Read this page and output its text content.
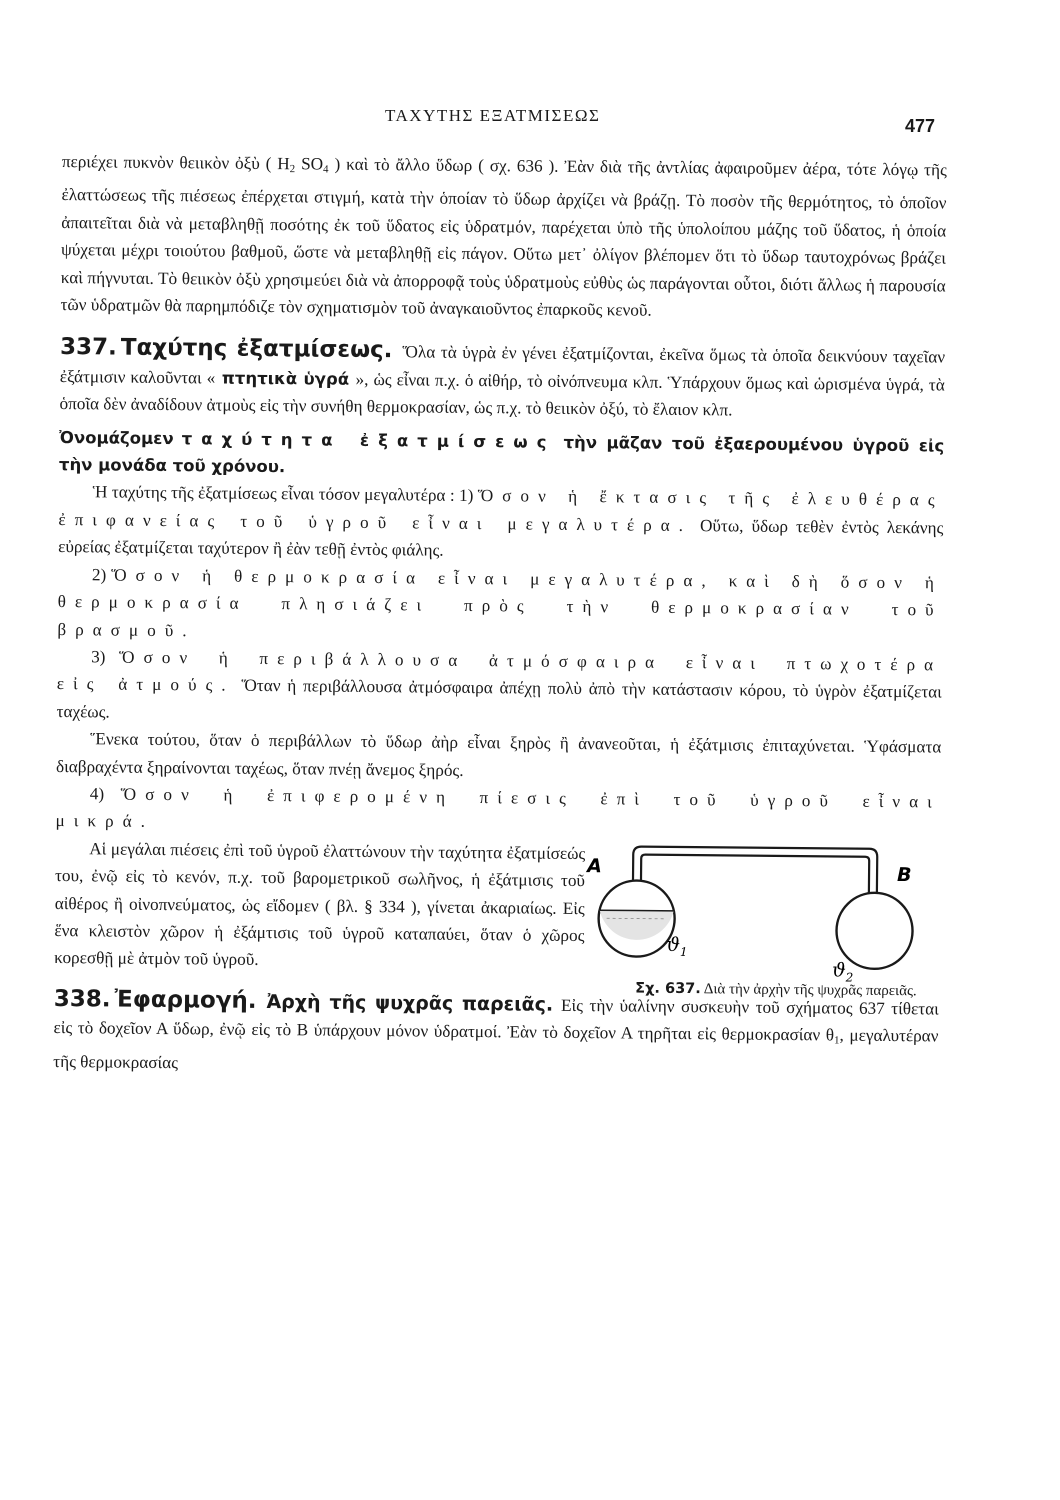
ΤΑΧΥΤΗΣ ΕΞΑΤΜΙΣΕΩΣ
477

περιέχει πυκνὸν θειικὸν ὀξὺ ( $H_2$ $SO_4$ ) καὶ τὸ ἄλλο ὕδωρ ( σχ. 636 ). Ἐὰν διὰ τῆς ἀντλίας ἀφαιροῦμεν ἀέρα, τότε λόγῳ τῆς ἐλαττώσεως τῆς πιέσεως ἐπέρχεται στιγμή, κατὰ τὴν ὁποίαν τὸ ὕδωρ ἀρχίζει νὰ βράζῃ. Τὸ ποσὸν τῆς θερμότητος, τὸ ὁποῖον ἀπαιτεῖται διὰ νὰ μεταβληθῇ ποσότης ἐκ τοῦ ὕδατος εἰς ὑδρατμόν, παρέχεται ὑπὸ τῆς ὑπολοίπου μάζης τοῦ ὕδατος, ἡ ὁποία ψύχεται μέχρι τοιούτου βαθμοῦ, ὥστε νὰ μεταβληθῇ εἰς πάγον. Οὕτω μετ᾿ ὀλίγον βλέπομεν ὅτι τὸ ὕδωρ ταυτοχρόνως βράζει καὶ πήγνυται. Τὸ θειικὸν ὀξὺ χρησιμεύει διὰ νὰ ἀπορροφᾷ τοὺς ὑδρατμοὺς εὐθὺς ὡς παράγονται οὗτοι, διότι ἄλλως ἡ παρουσία τῶν ὑδρατμῶν θὰ παρημπόδιζε τὸν σχηματισμὸν τοῦ ἀναγκαιοῦντος ἐπαρκοῦς κενοῦ.

337. Ταχύτης ἐξατμίσεως. Ὅλα τὰ ὑγρὰ ἐν γένει ἐξατμίζονται, ἐκεῖνα ὅμως τὰ ὁποῖα δεικνύουν ταχεῖαν ἐξάτμισιν καλοῦνται « πτητικὰ ὑγρά », ὡς εἶναι π.χ. ὁ αἰθήρ, τὸ οἰνόπνευμα κλπ. Ὑπάρχουν ὅμως καὶ ὡρισμένα ὑγρά, τὰ ὁποῖα δὲν ἀναδίδουν ἀτμοὺς εἰς τὴν συνήθη θερμοκρασίαν, ὡς π.χ. τὸ θειικὸν ὀξύ, τὸ ἔλαιον κλπ.

Ὀνομάζομεν ταχύτητα ἐξατμίσεως τὴν μᾶζαν τοῦ ἐξαερουμένου ὑγροῦ εἰς τὴν μονάδα τοῦ χρόνου.

Ἡ ταχύτης τῆς ἐξατμίσεως εἶναι τόσον μεγαλυτέρα : 1) Ὅσον ἡ ἔκτασις τῆς ἐλευθέρας ἐπιφανείας τοῦ ὑγροῦ εἶναι μεγαλυτέρα. Οὕτω, ὕδωρ τεθὲν ἐντὸς λεκάνης εὐρείας ἐξατμίζεται ταχύτερον ἢ ἐὰν τεθῇ ἐντὸς φιάλης.

2) Ὅσον ἡ θερμοκρασία εἶναι μεγαλυτέρα, καὶ δὴ ὅσον ἡ θερμοκρασία πλησιάζει πρὸς τὴν θερμοκρασίαν τοῦ βρασμοῦ.

3) Ὅσον ἡ περιβάλλουσα ἀτμόσφαιρα εἶναι πτωχοτέρα εἰς ἀτμούς. Ὅταν ἡ περιβάλλουσα ἀτμόσφαιρα ἀπέχῃ πολὺ ἀπὸ τὴν κατάστασιν κόρου, τὸ ὑγρὸν ἐξατμίζεται ταχέως.

Ἕνεκα τούτου, ὅταν ὁ περιβάλλων τὸ ὕδωρ ἀὴρ εἶναι ξηρὸς ἢ ἀνανεοῦται, ἡ ἐξάτμισις ἐπιταχύνεται. Ὑφάσματα διαβραχέντα ξηραίνονται ταχέως, ὅταν πνέῃ ἄνεμος ξηρός.

4) Ὅσον ἡ ἐπιφερομένη πίεσις ἐπὶ τοῦ ὑγροῦ εἶναι μικρά.

Αἱ μεγάλαι πιέσεις ἐπὶ τοῦ ὑγροῦ ἐλαττώνουν τὴν ταχύτητα ἐξατμίσεώς του, ἐνῷ εἰς τὸ κενόν, π.χ. τοῦ βαρομετρικοῦ σωλῆνος, ἡ ἐξάτμισις τοῦ αἰθέρος ἢ οἰνοπνεύματος, ὡς εἴδομεν ( βλ. § 334 ), γίνεται ἀκαριαίως. Εἰς ἕνα κλειστὸν χῶρον ἡ ἐξάμτισις τοῦ ὑγροῦ καταπαύει, ὅταν ὁ χῶρος κορεσθῇ μὲ ἀτμὸν τοῦ ὑγροῦ.

A	B
$ϑ_1$
$ϑ_2$
Σχ. 637. Διὰ τὴν ἀρχὴν τῆς ψυχρᾶς παρειᾶς.

338. Ἐφαρμογή. Ἀρχὴ τῆς ψυχρᾶς παρειᾶς. Εἰς τὴν ὑαλίνην συσκευὴν τοῦ σχήματος 637 τίθεται εἰς τὸ δοχεῖον Α ὕδωρ, ἐνῷ εἰς τὸ Β ὑπάρχουν μόνον ὑδρατμοί. Ἐὰν τὸ δοχεῖον Α τηρῆται εἰς θερμοκρασίαν $\theta_1$, μεγαλυτέραν τῆς θερμοκρασίας
